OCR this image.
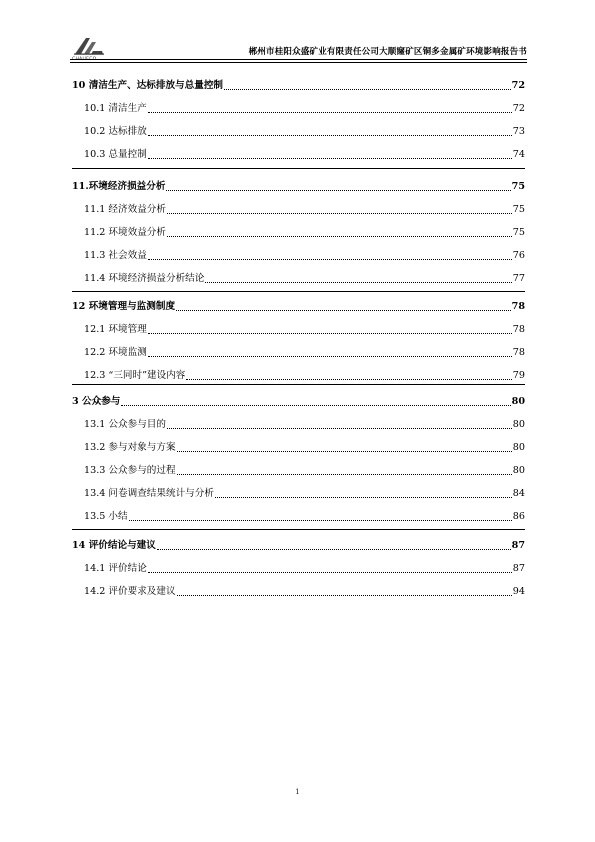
CHAUECO
郴州市桂阳众盛矿业有限责任公司大顺窿矿区铜多金属矿环境影响报告书
10 清洁生产、达标排放与总量控制	72
10.1 清洁生产	72
10.2 达标排放	73
10.3 总量控制	74
11.环境经济损益分析	75
11.1 经济效益分析	75
11.2 环境效益分析	75
11.3 社会效益	76
11.4 环境经济损益分析结论	77
12 环境管理与监测制度	78
12.1 环境管理	78
12.2 环境监测	78
12.3 “三同时”建设内容	79
3 公众参与	80
13.1 公众参与目的	80
13.2 参与对象与方案	80
13.3 公众参与的过程	80
13.4 问卷调查结果统计与分析	84
13.5 小结	86
14 评价结论与建议	87
14.1 评价结论	87
14.2 评价要求及建议	94
1
